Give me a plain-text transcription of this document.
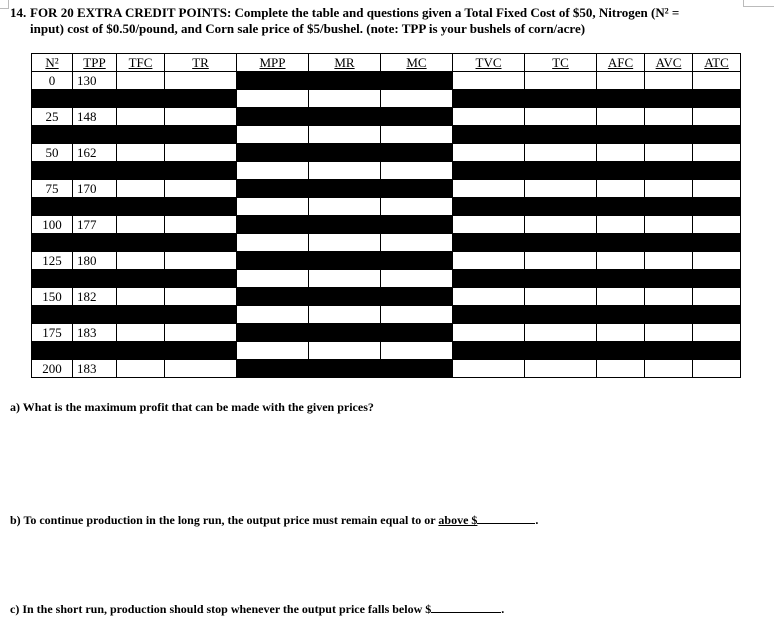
14. FOR 20 EXTRA CREDIT POINTS: Complete the table and questions given a Total Fixed Cost of $50, Nitrogen (N² =
input) cost of $0.50/pound, and Corn sale price of $5/bushel. (note: TPP is your bushels of corn/acre)
N²	TPP	TFC	TR	MPP	MR	MC	TVC	TC	AFC	AVC	ATC
0	130										

25	148										

50	162										

75	170										

100	177										

125	180										

150	182										

175	183										

200	183										
a) What is the maximum profit that can be made with the given prices?
b) To continue production in the long run, the output price must remain equal to or above $	.
c) In the short run, production should stop whenever the output price falls below $	.
